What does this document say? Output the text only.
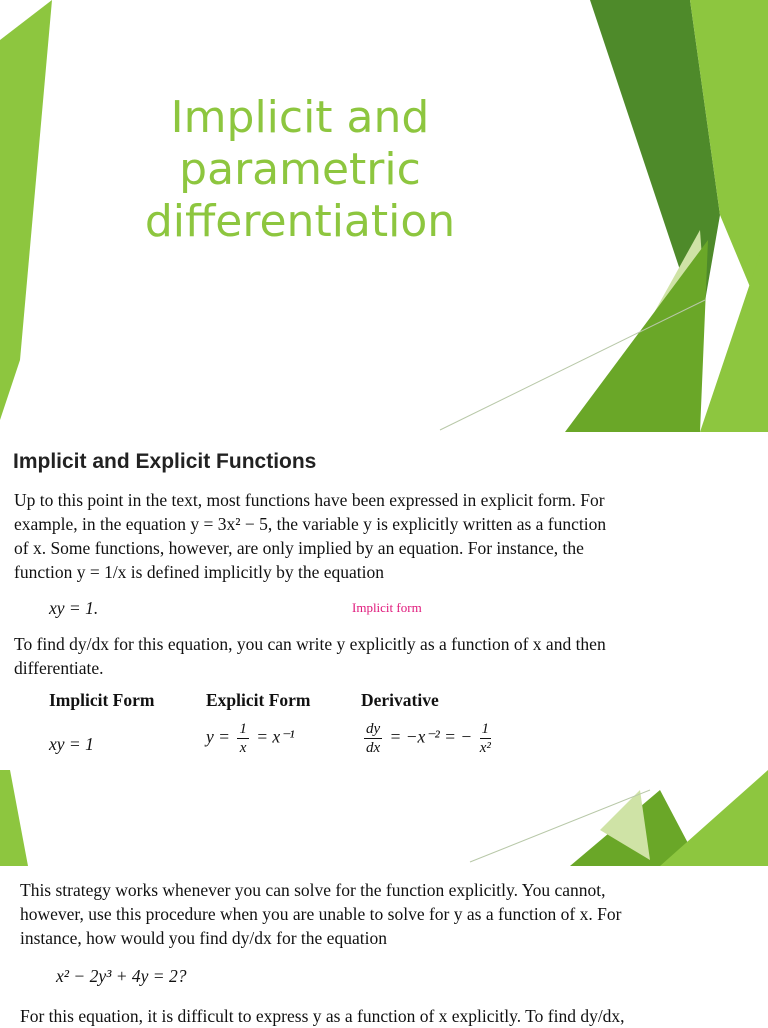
Implicit and
parametric
differentiation
Implicit and Explicit Functions
Up to this point in the text, most functions have been expressed in explicit form. For
example, in the equation y = 3x² − 5, the variable y is explicitly written as a function
of x. Some functions, however, are only implied by an equation. For instance, the
function y = 1/x is defined implicitly by the equation
xy = 1.	Implicit form
To find dy/dx for this equation, you can write y explicitly as a function of x and then
differentiate.
Implicit Form	Explicit Form	Derivative
xy = 1	$y = \frac{1}{x} = x^{-1}$	$\frac{dy}{dx} = -x^{-2}$ = − $\frac{1}{\text{x²}}$
This strategy works whenever you can solve for the function explicitly. You cannot,
however, use this procedure when you are unable to solve for y as a function of x. For
instance, how would you find dy/dx for the equation
x² − 2y³ + 4y = 2?
For this equation, it is difficult to express y as a function of x explicitly. To find dy/dx,
